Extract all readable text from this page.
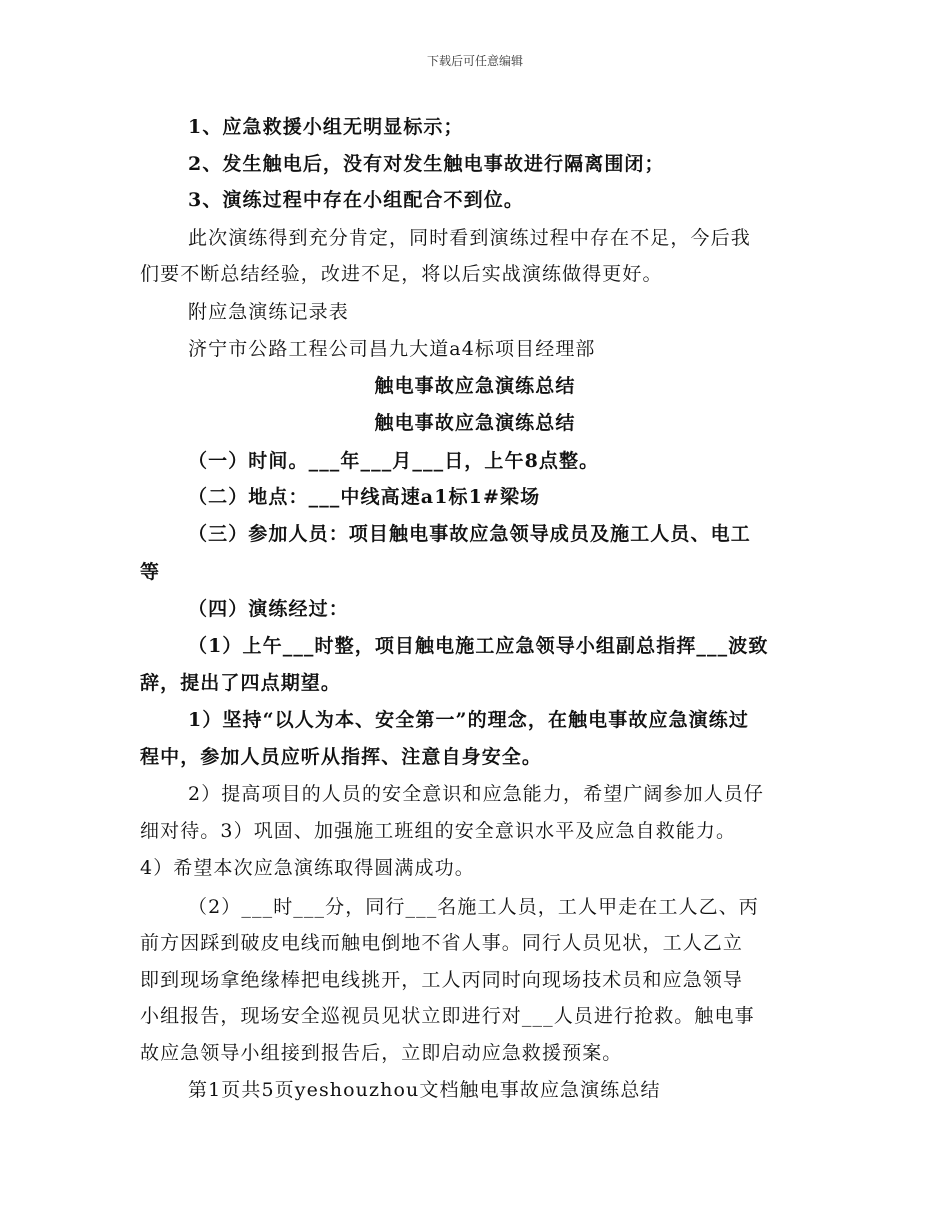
下载后可任意编辑
1、应急救援小组无明显标示；
2、发生触电后，没有对发生触电事故进行隔离围闭；
3、演练过程中存在小组配合不到位。
此次演练得到充分肯定，同时看到演练过程中存在不足，今后我
们要不断总结经验，改进不足，将以后实战演练做得更好。
附应急演练记录表
济宁市公路工程公司昌九大道a4标项目经理部
触电事故应急演练总结
触电事故应急演练总结
（一）时间。___年___月___日，上午8点整。
（二）地点：___中线高速a1标1#梁场
（三）参加人员：项目触电事故应急领导成员及施工人员、电工
等
（四）演练经过：
（1）上午___时整，项目触电施工应急领导小组副总指挥___波致
辞，提出了四点期望。
1）坚持“以人为本、安全第一”的理念，在触电事故应急演练过
程中，参加人员应听从指挥、注意自身安全。
2）提高项目的人员的安全意识和应急能力，希望广阔参加人员仔
细对待。3）巩固、加强施工班组的安全意识水平及应急自救能力。
4）希望本次应急演练取得圆满成功。
（2）___时___分，同行___名施工人员，工人甲走在工人乙、丙
前方因踩到破皮电线而触电倒地不省人事。同行人员见状，工人乙立
即到现场拿绝缘棒把电线挑开，工人丙同时向现场技术员和应急领导
小组报告，现场安全巡视员见状立即进行对___人员进行抢救。触电事
故应急领导小组接到报告后，立即启动应急救援预案。
第1页共5页yeshouzhou文档触电事故应急演练总结
